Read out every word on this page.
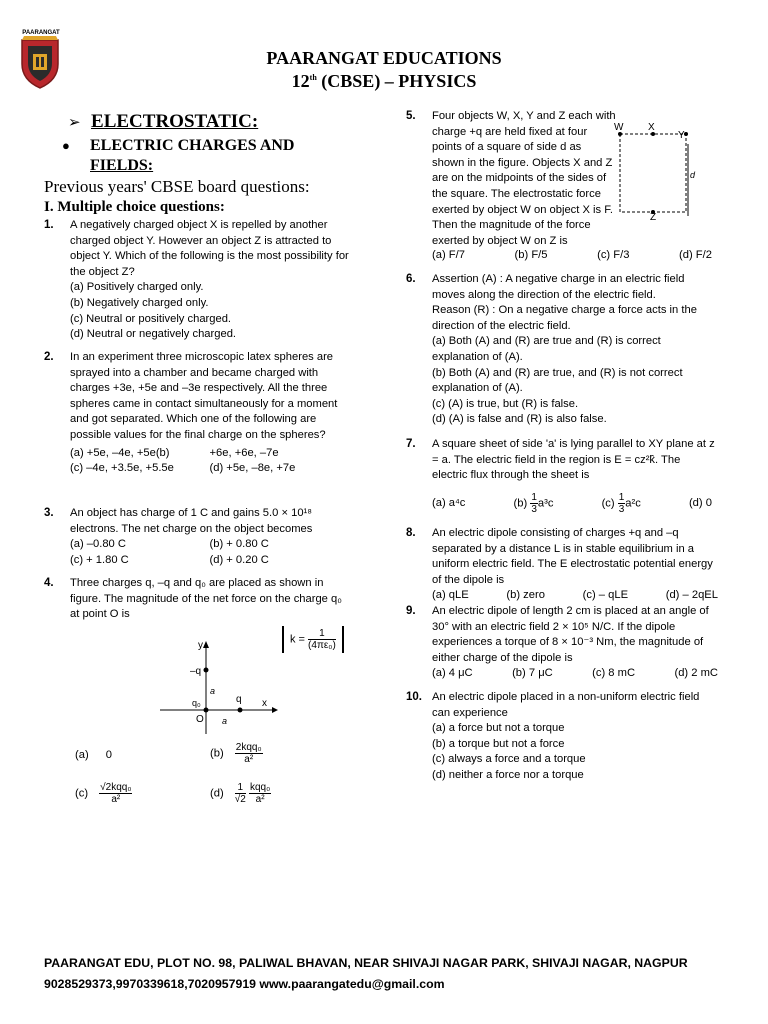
PAARANGAT
PAARANGAT EDUCATIONS
12th (CBSE) – PHYSICS
➢ ELECTROSTATIC:
● ELECTRIC CHARGES AND
FIELDS:
Previous years' CBSE board questions:
I. Multiple choice questions:
1. A negatively charged object X is repelled by another charged object Y. However an object Z is attracted to object Y. Which of the following is the most possibility for the object Z?
(a) Positively charged only.
(b) Negatively charged only.
(c) Neutral or positively charged.
(d) Neutral or negatively charged.
2. In an experiment three microscopic latex spheres are sprayed into a chamber and became charged with charges +3e, +5e and –3e respectively. All the three spheres came in contact simultaneously for a moment and got separated. Which one of the following are possible values for the final charge on the spheres?
(a) +5e, –4e, +5e(b)	+6e, +6e, –7e
(c) –4e, +3.5e, +5.5e	(d) +5e, –8e, +7e
3. An object has charge of 1 C and gains 5.0 × 10¹⁸ electrons. The net charge on the object becomes
(a) –0.80 C	(b) + 0.80 C
(c) + 1.80 C	(d) + 0.20 C
4. Three charges q, –q and q₀ are placed as shown in figure. The magnitude of the net force on the charge q₀ at point O is
$k = \frac{1}{\text{(4πε₀)}}$
y
x
–q
q
q₀
O
a
a
(a) 0	$(b) \frac{\text{2kqq₀}}{\text{a²}}$
$(c) \frac{\text{√2kqq₀}}{\text{a²}}$	$(d) \frac{1}{√2}$
$\frac{\text{kqq₀}}{\text{a²}}$
5. Four objects W, X, Y and Z each with charge +q are held fixed at four points of a square of side d as shown in the figure. Objects X and Z are on the midpoints of the sides of the square. The electrostatic force exerted by object W on object X is F. Then the magnitude of the force exerted by object W on Z is
W X
Y
Z
d
(a) F/7	(b) F/5	(c) F/3	(d) F/2
6. Assertion (A) : A negative charge in an electric field moves along the direction of the electric field.
Reason (R) : On a negative charge a force acts in the direction of the electric field.
(a) Both (A) and (R) are true and (R) is correct explanation of (A).
(b) Both (A) and (R) are true, and (R) is not correct explanation of (A).
(c) (A) is true, but (R) is false.
(d) (A) is false and (R) is also false.
7. A square sheet of side 'a' is lying parallel to XY plane at z = a. The electric field in the region is E = cz²k̂. The electric flux through the sheet is
(a) a⁴c	$(b) \frac{1}{3} a^3c$	$(c) \frac{1}{3} a^2c$	(d) 0
8. An electric dipole consisting of charges +q and –q separated by a distance L is in stable equilibrium in a uniform electric field. The E electrostatic potential energy of the dipole is
(a) qLE	(b) zero	(c) – qLE	(d) – 2qEL
9. An electric dipole of length 2 cm is placed at an angle of 30° with an electric field 2 × 10⁵ N/C. If the dipole experiences a torque of 8 × 10⁻³ Nm, the magnitude of either charge of the dipole is
(a) 4 μC	(b) 7 μC	(c) 8 mC	(d) 2 mC
10. An electric dipole placed in a non-uniform electric field can experience
(a) a force but not a torque
(b) a torque but not a force
(c) always a force and a torque
(d) neither a force nor a torque
PAARANGAT EDU, PLOT NO. 98, PALIWAL BHAVAN, NEAR SHIVAJI NAGAR PARK, SHIVAJI NAGAR, NAGPUR
9028529373,9970339618,7020957919 www.paarangatedu@gmail.com
